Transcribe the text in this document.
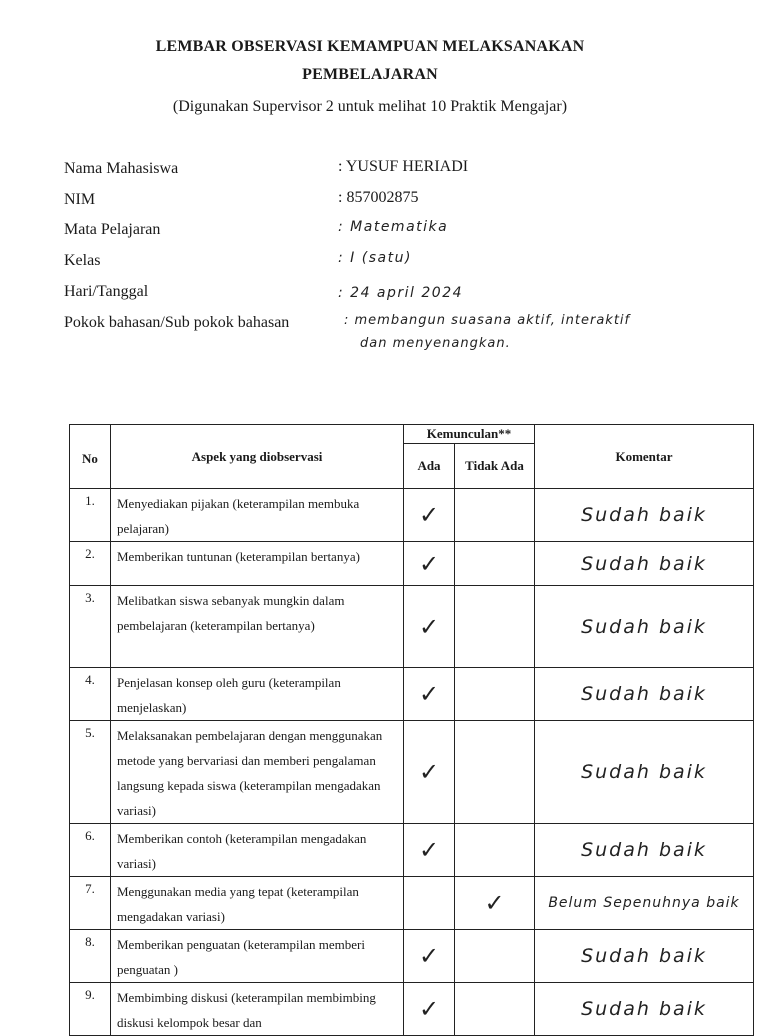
LEMBAR OBSERVASI KEMAMPUAN MELAKSANAKAN
PEMBELAJARAN
(Digunakan Supervisor 2 untuk melihat 10 Praktik Mengajar)
Nama Mahasiswa	: YUSUF HERIADI
NIM	: 857002875
Mata Pelajaran	: Matematika
Kelas	: I (satu)
Hari/Tanggal	: 24 april 2024
Pokok bahasan/Sub pokok bahasan	: membangun suasana aktif, interaktif
dan menyenangkan.
No	Aspek yang diobservasi	Kemunculan**		Komentar
		Ada	Tidak Ada	
1.	Menyediakan pijakan (keterampilan membuka pelajaran)	✓		Sudah baik
2.	Memberikan tuntunan (keterampilan bertanya)	✓		Sudah baik
3.	Melibatkan siswa sebanyak mungkin dalam pembelajaran (keterampilan bertanya)	✓		Sudah baik
4.	Penjelasan konsep oleh guru (keterampilan menjelaskan)	✓		Sudah baik
5.	Melaksanakan pembelajaran dengan menggunakan metode yang bervariasi dan memberi pengalaman langsung kepada siswa (keterampilan mengadakan variasi)	✓		Sudah baik
6.	Memberikan contoh (keterampilan mengadakan variasi)	✓		Sudah baik
7.	Menggunakan media yang tepat (keterampilan mengadakan variasi)		✓	Belum Sepenuhnya baik
8.	Memberikan penguatan (keterampilan memberi penguatan )	✓		Sudah baik
9.	Membimbing diskusi (keterampilan membimbing diskusi kelompok besar dan	✓		Sudah baik
